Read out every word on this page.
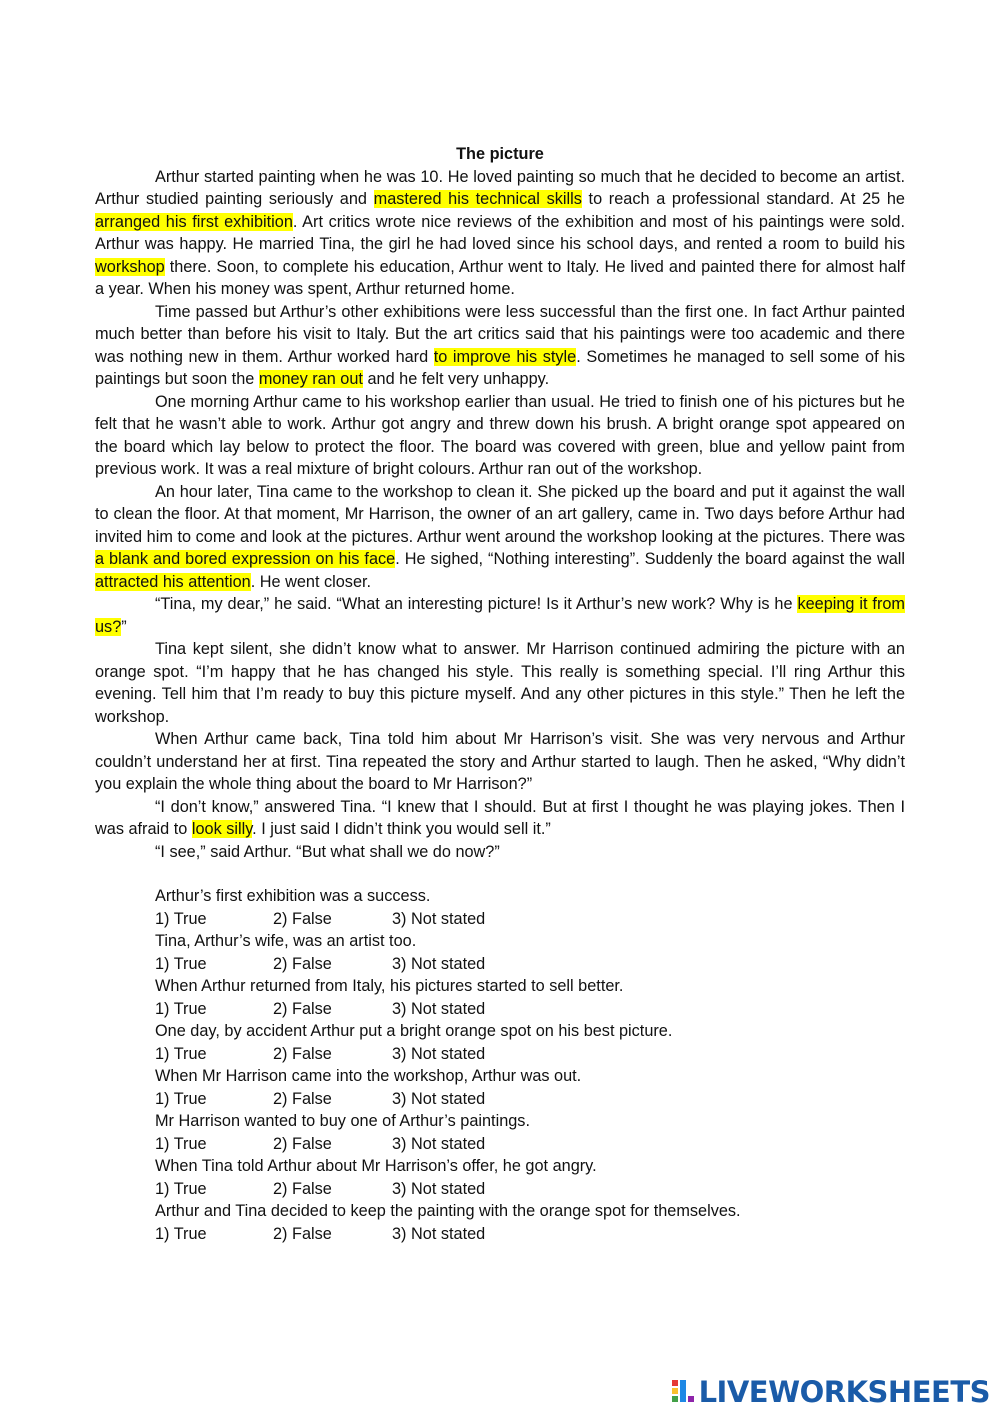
The picture

Arthur started painting when he was 10. He loved painting so much that he decided to become an artist. Arthur studied painting seriously and mastered his technical skills to reach a professional standard. At 25 he arranged his first exhibition. Art critics wrote nice reviews of the exhibition and most of his paintings were sold. Arthur was happy. He married Tina, the girl he had loved since his school days, and rented a room to build his workshop there. Soon, to complete his education, Arthur went to Italy. He lived and painted there for almost half a year. When his money was spent, Arthur returned home.

Time passed but Arthur’s other exhibitions were less successful than the first one. In fact Arthur painted much better than before his visit to Italy. But the art critics said that his paintings were too academic and there was nothing new in them. Arthur worked hard to improve his style. Sometimes he managed to sell some of his paintings but soon the money ran out and he felt very unhappy.

One morning Arthur came to his workshop earlier than usual. He tried to finish one of his pictures but he felt that he wasn’t able to work. Arthur got angry and threw down his brush. A bright orange spot appeared on the board which lay below to protect the floor. The board was covered with green, blue and yellow paint from previous work. It was a real mixture of bright colours. Arthur ran out of the workshop.

An hour later, Tina came to the workshop to clean it. She picked up the board and put it against the wall to clean the floor. At that moment, Mr Harrison, the owner of an art gallery, came in. Two days before Arthur had invited him to come and look at the pictures. Arthur went around the workshop looking at the pictures. There was a blank and bored expression on his face. He sighed, “Nothing interesting”. Suddenly the board against the wall attracted his attention. He went closer.

“Tina, my dear,” he said. “What an interesting picture! Is it Arthur’s new work? Why is he keeping it from us?”

Tina kept silent, she didn’t know what to answer. Mr Harrison continued admiring the picture with an orange spot. “I’m happy that he has changed his style. This really is something special. I’ll ring Arthur this evening. Tell him that I’m ready to buy this picture myself. And any other pictures in this style.” Then he left the workshop.

When Arthur came back, Tina told him about Mr Harrison’s visit. She was very nervous and Arthur couldn’t understand her at first. Tina repeated the story and Arthur started to laugh. Then he asked, “Why didn’t you explain the whole thing about the board to Mr Harrison?”

“I don’t know,” answered Tina. “I knew that I should. But at first I thought he was playing jokes. Then I was afraid to look silly. I just said I didn’t think you would sell it.”

“I see,” said Arthur. “But what shall we do now?”

Arthur’s first exhibition was a success.

1) True	2) False	3) Not stated

Tina, Arthur’s wife, was an artist too.

1) True	2) False	3) Not stated

When Arthur returned from Italy, his pictures started to sell better.

1) True	2) False	3) Not stated

One day, by accident Arthur put a bright orange spot on his best picture.

1) True	2) False	3) Not stated

When Mr Harrison came into the workshop, Arthur was out.

1) True	2) False	3) Not stated

Mr Harrison wanted to buy one of Arthur’s paintings.

1) True	2) False	3) Not stated

When Tina told Arthur about Mr Harrison’s offer, he got angry.

1) True	2) False	3) Not stated

Arthur and Tina decided to keep the painting with the orange spot for themselves.

1) True	2) False	3) Not stated
LIVEWORKSHEETS
